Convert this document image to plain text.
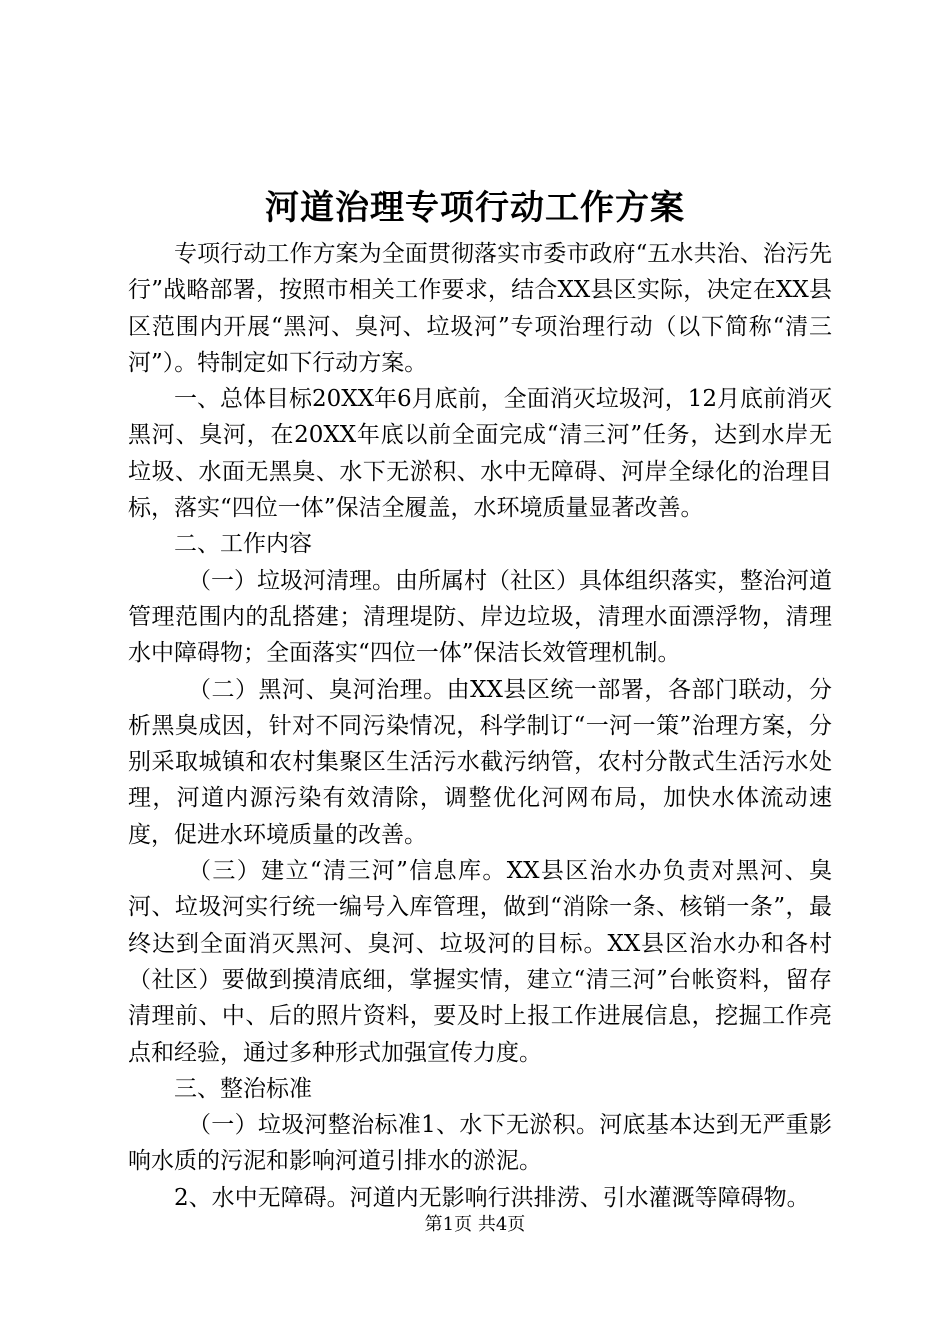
河道治理专项行动工作方案

专项行动工作方案为全面贯彻落实市委市政府“五水共治、治污先行”战略部署，按照市相关工作要求，结合XX县区实际，决定在XX县区范围内开展“黑河、臭河、垃圾河”专项治理行动（以下简称“清三河”）。特制定如下行动方案。

一、总体目标20XX年6月底前，全面消灭垃圾河，12月底前消灭黑河、臭河，在20XX年底以前全面完成“清三河”任务，达到水岸无垃圾、水面无黑臭、水下无淤积、水中无障碍、河岸全绿化的治理目标，落实“四位一体”保洁全履盖，水环境质量显著改善。

二、工作内容

（一）垃圾河清理。由所属村（社区）具体组织落实，整治河道管理范围内的乱搭建；清理堤防、岸边垃圾，清理水面漂浮物，清理水中障碍物；全面落实“四位一体”保洁长效管理机制。

（二）黑河、臭河治理。由XX县区统一部署，各部门联动，分析黑臭成因，针对不同污染情况，科学制订“一河一策”治理方案，分别采取城镇和农村集聚区生活污水截污纳管，农村分散式生活污水处理，河道内源污染有效清除，调整优化河网布局，加快水体流动速度，促进水环境质量的改善。

（三）建立“清三河”信息库。XX县区治水办负责对黑河、臭河、垃圾河实行统一编号入库管理，做到“消除一条、核销一条”，最终达到全面消灭黑河、臭河、垃圾河的目标。XX县区治水办和各村（社区）要做到摸清底细，掌握实情，建立“清三河”台帐资料，留存清理前、中、后的照片资料，要及时上报工作进展信息，挖掘工作亮点和经验，通过多种形式加强宣传力度。

三、整治标准

（一）垃圾河整治标准1、水下无淤积。河底基本达到无严重影响水质的污泥和影响河道引排水的淤泥。

2、水中无障碍。河道内无影响行洪排涝、引水灌溉等障碍物。

第1页 共4页
